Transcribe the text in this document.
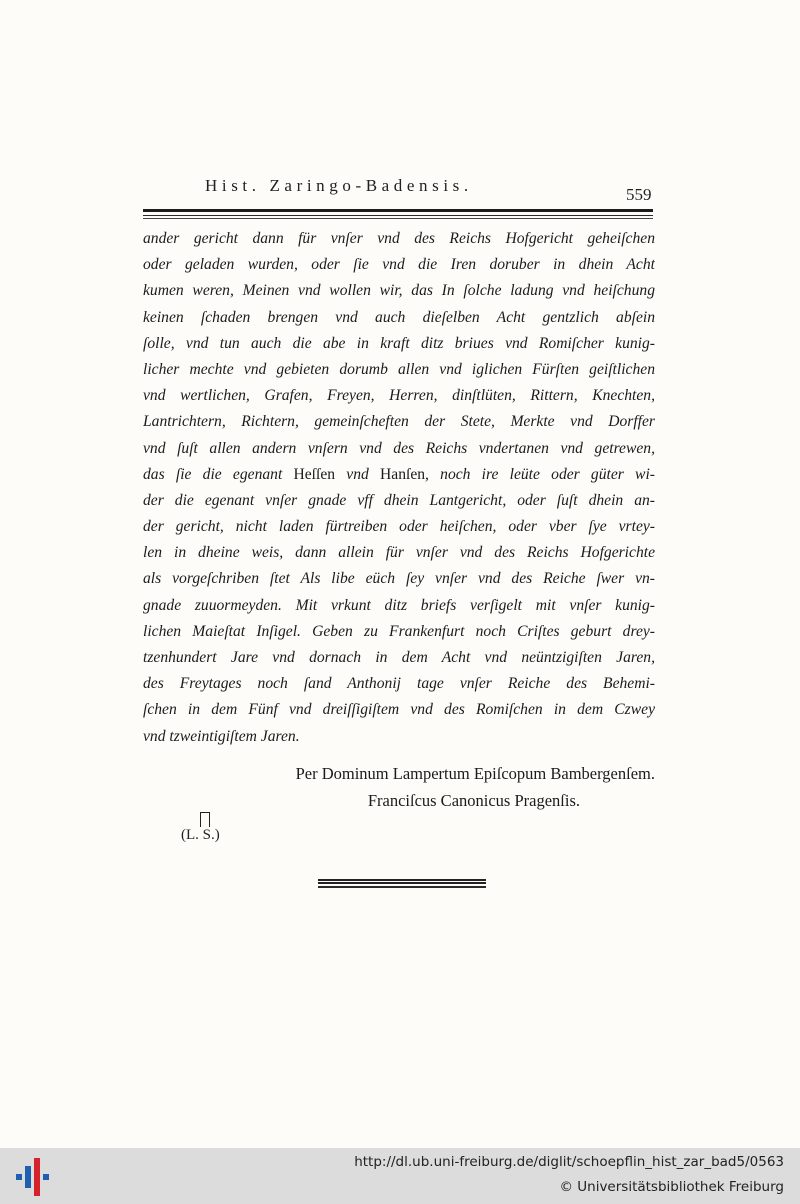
Hist. Zaringo-Badensis.	559
ander gericht dann für vnſer vnd des Reichs Hofgericht geheiſchen
oder geladen wurden, oder ſie vnd die Iren doruber in dhein Acht
kumen weren, Meinen vnd wollen wir, das In ſolche ladung vnd heiſchung
keinen ſchaden brengen vnd auch dieſelben Acht gentzlich abſein
ſolle, vnd tun auch die abe in kraft ditz briues vnd Romiſcher kunig-
licher mechte vnd gebieten dorumb allen vnd iglichen Fürſten geiſtlichen
vnd wertlichen, Grafen, Freyen, Herren, dinſtlüten, Rittern, Knechten,
Lantrichtern, Richtern, gemeinſcheften der Stete, Merkte vnd Dorffer
vnd ſuſt allen andern vnſern vnd des Reichs vndertanen vnd getrewen,
das ſie die egenant Heſſen vnd Hanſen, noch ire leüte oder güter wi-
der die egenant vnſer gnade vff dhein Lantgericht, oder ſuſt dhein an-
der gericht, nicht laden fürtreiben oder heiſchen, oder vber ſye vrtey-
len in dheine weis, dann allein für vnſer vnd des Reichs Hofgerichte
als vorgeſchriben ſtet Als libe eüch ſey vnſer vnd des Reiche ſwer vn-
gnade zuuormeyden. Mit vrkunt ditz briefs verſigelt mit vnſer kunig-
lichen Maieſtat Inſigel. Geben zu Frankenfurt noch Criſtes geburt drey-
tzenhundert Jare vnd dornach in dem Acht vnd neüntzigiſten Jaren,
des Freytages noch ſand Anthonij tage vnſer Reiche des Behemi-
ſchen in dem Fünf vnd dreiſſigiſtem vnd des Romiſchen in dem Czwey
vnd tzweintigiſtem Jaren.
Per Dominum Lampertum Epiſcopum Bambergenſem.
Franciſcus Canonicus Pragenſis.
(L. S.)
http://dl.ub.uni-freiburg.de/diglit/schoepflin_hist_zar_bad5/0563
© Universitätsbibliothek Freiburg
